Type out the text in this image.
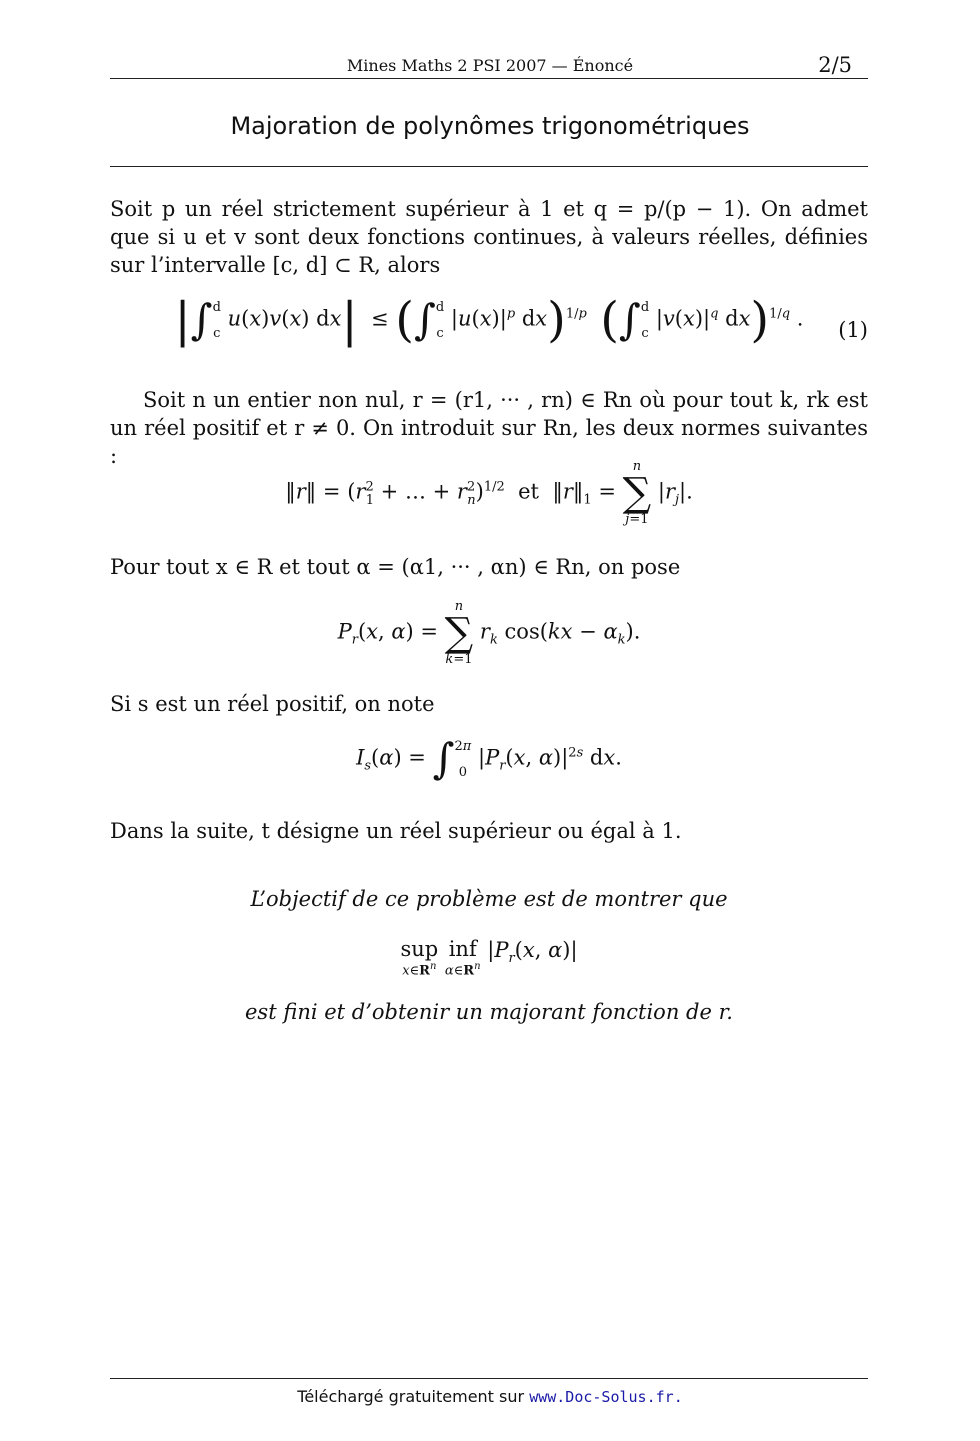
Mines Maths 2 PSI 2007 — Énoncé	2/5
Majoration de polynômes trigonométriques
Soit p un réel strictement supérieur à 1 et q = p/(p − 1). On admet que si u et v sont deux fonctions continues, à valeurs réelles, définies sur l’intervalle [c, d] ⊂ R, alors
|∫ d

c
u(x)v(x) dx|  ≤ (∫ d

c
$|u(x)|^p$ dx)$^{1/p}$ (∫ d

c
$|v(x)|^q$ dx)$^{1/q}$ . (1)
Soit n un entier non nul, r = (r1, ··· , rn) ∈ Rn où pour tout k, rk est un réel positif et r ≠ 0. On introduit sur Rn, les deux normes suivantes :
‖r‖ = ($r^2_1$ + … + $r^2_n)^{1/2}$ et  $‖r‖_1$ =
n
∑
j=1
$|r_j|$.
Pour tout x ∈ R et tout α = (α1, ··· , αn) ∈ Rn, on pose
$P_r(x$, α) =
n
∑
k=1
$r_k$ $\cos(kx - \alpha_k)$.
Si s est un réel positif, on note
$I_s(\alpha)$ = ∫ 2π

0
$|P_r(x$, $\alpha)|^{2s}$ dx.
Dans la suite, t désigne un réel supérieur ou égal à 1.
L’objectif de ce problème est de montrer que
sup
$x\in R^n$
inf
$\alpha\in R^n$
$|P_r(x$, α)|
est fini et d’obtenir un majorant fonction de r.
Téléchargé gratuitement sur www.Doc-Solus.fr.
